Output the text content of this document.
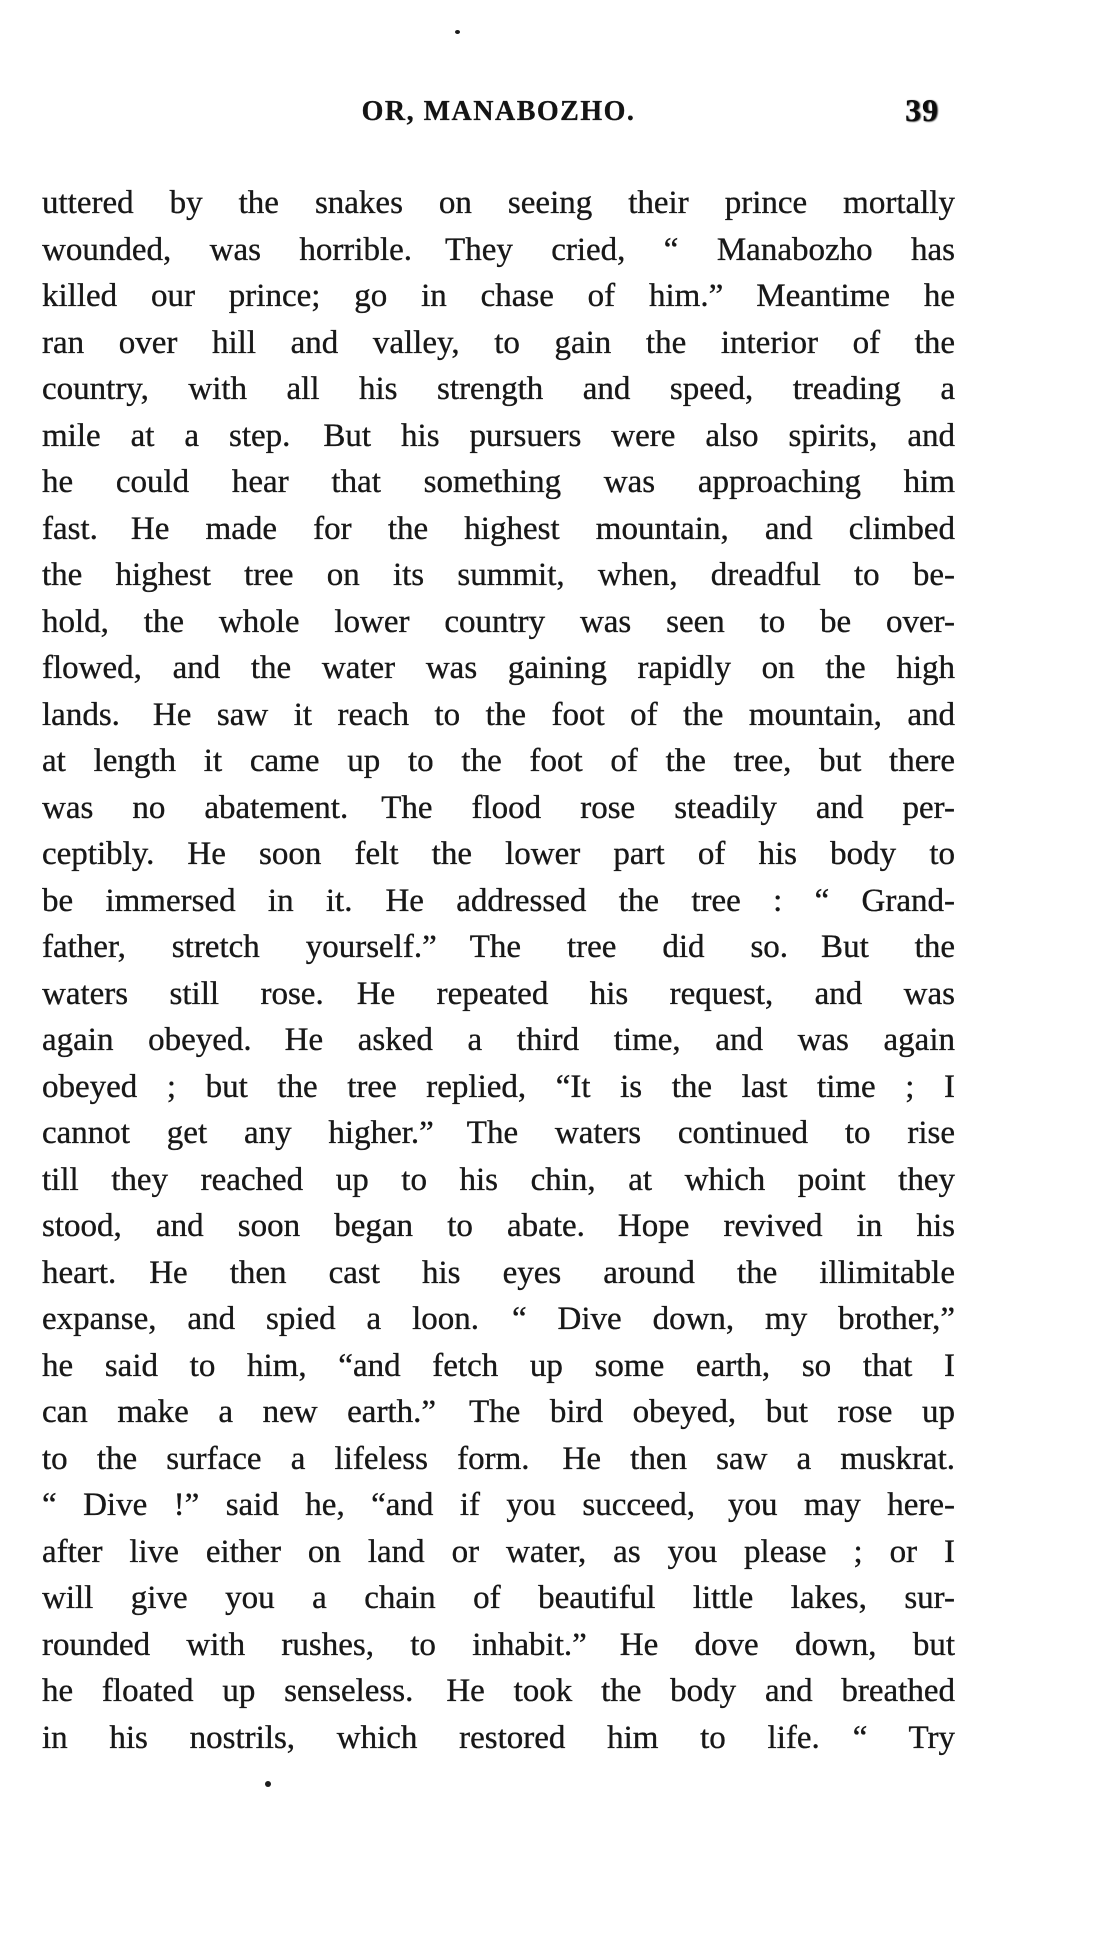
OR, MANABOZHO.	39
uttered by the snakes on seeing their prince mortally
wounded, was horrible. They cried, “ Manabozho has
killed our prince; go in chase of him.” Meantime he
ran over hill and valley, to gain the interior of the
country, with all his strength and speed, treading a
mile at a step. But his pursuers were also spirits, and
he could hear that something was approaching him
fast. He made for the highest mountain, and climbed
the highest tree on its summit, when, dreadful to be-
hold, the whole lower country was seen to be over-
flowed, and the water was gaining rapidly on the high
lands. He saw it reach to the foot of the mountain, and
at length it came up to the foot of the tree, but there
was no abatement. The flood rose steadily and per-
ceptibly. He soon felt the lower part of his body to
be immersed in it. He addressed the tree : “ Grand-
father, stretch yourself.” The tree did so. But the
waters still rose. He repeated his request, and was
again obeyed. He asked a third time, and was again
obeyed ; but the tree replied, “It is the last time ; I
cannot get any higher.” The waters continued to rise
till they reached up to his chin, at which point they
stood, and soon began to abate. Hope revived in his
heart. He then cast his eyes around the illimitable
expanse, and spied a loon. “ Dive down, my brother,”
he said to him, “and fetch up some earth, so that I
can make a new earth.” The bird obeyed, but rose up
to the surface a lifeless form. He then saw a muskrat.
“ Dive !” said he, “and if you succeed, you may here-
after live either on land or water, as you please ; or I
will give you a chain of beautiful little lakes, sur-
rounded with rushes, to inhabit.” He dove down, but
he floated up senseless. He took the body and breathed
in his nostrils, which restored him to life. “ Try
